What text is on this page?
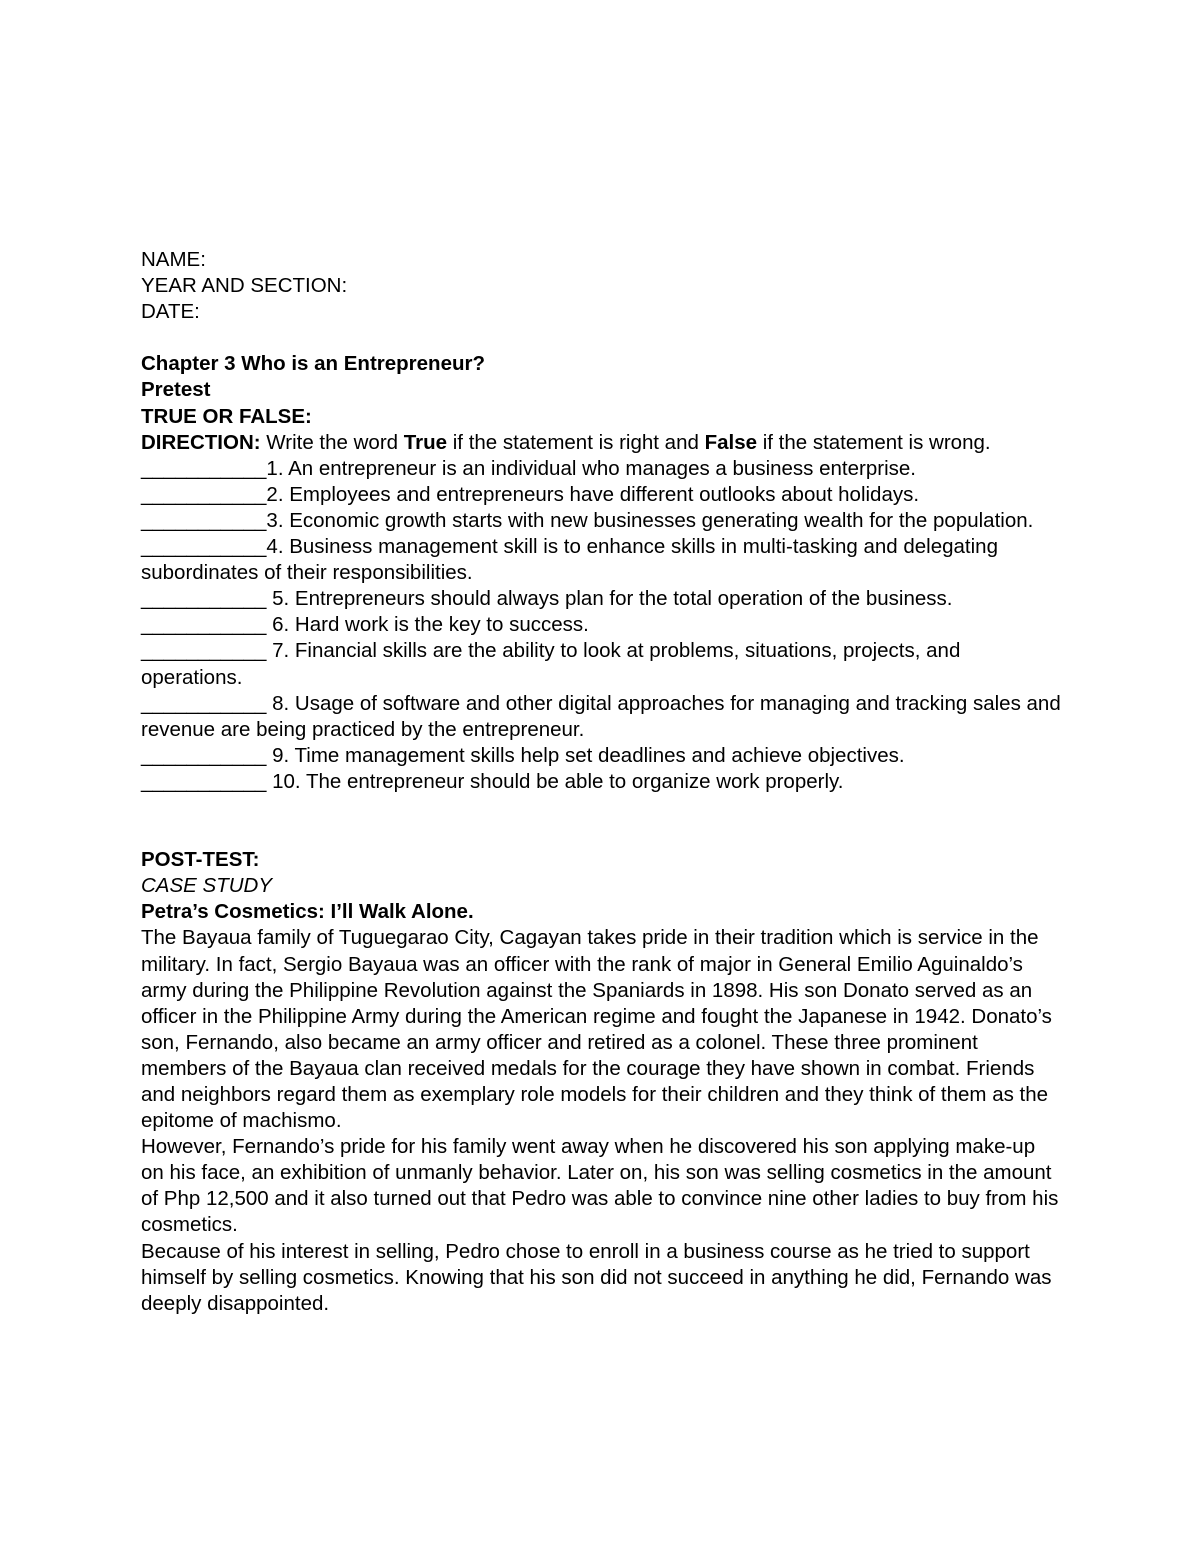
NAME:

YEAR AND SECTION:

DATE:

Chapter 3 Who is an Entrepreneur?

Pretest

TRUE OR FALSE:

DIRECTION: Write the word True if the statement is right and False if the statement is wrong.

___________1. An entrepreneur is an individual who manages a business enterprise.

___________2. Employees and entrepreneurs have different outlooks about holidays.

___________3. Economic growth starts with new businesses generating wealth for the population.

___________4. Business management skill is to enhance skills in multi-tasking and delegating subordinates of their responsibilities.

___________ 5. Entrepreneurs should always plan for the total operation of the business.

___________ 6. Hard work is the key to success.

___________ 7. Financial skills are the ability to look at problems, situations, projects, and operations.

___________ 8. Usage of software and other digital approaches for managing and tracking sales and revenue are being practiced by the entrepreneur.

___________ 9. Time management skills help set deadlines and achieve objectives.

___________ 10. The entrepreneur should be able to organize work properly.

POST-TEST:

CASE STUDY

Petra’s Cosmetics: I’ll Walk Alone.

The Bayaua family of Tuguegarao City, Cagayan takes pride in their tradition which is service in the military. In fact, Sergio Bayaua was an officer with the rank of major in General Emilio Aguinaldo’s army during the Philippine Revolution against the Spaniards in 1898. His son Donato served as an officer in the Philippine Army during the American regime and fought the Japanese in 1942. Donato’s son, Fernando, also became an army officer and retired as a colonel. These three prominent members of the Bayaua clan received medals for the courage they have shown in combat. Friends and neighbors regard them as exemplary role models for their children and they think of them as the epitome of machismo.

However, Fernando’s pride for his family went away when he discovered his son applying make-up on his face, an exhibition of unmanly behavior. Later on, his son was selling cosmetics in the amount of Php 12,500 and it also turned out that Pedro was able to convince nine other ladies to buy from his cosmetics.

Because of his interest in selling, Pedro chose to enroll in a business course as he tried to support himself by selling cosmetics. Knowing that his son did not succeed in anything he did, Fernando was deeply disappointed.
